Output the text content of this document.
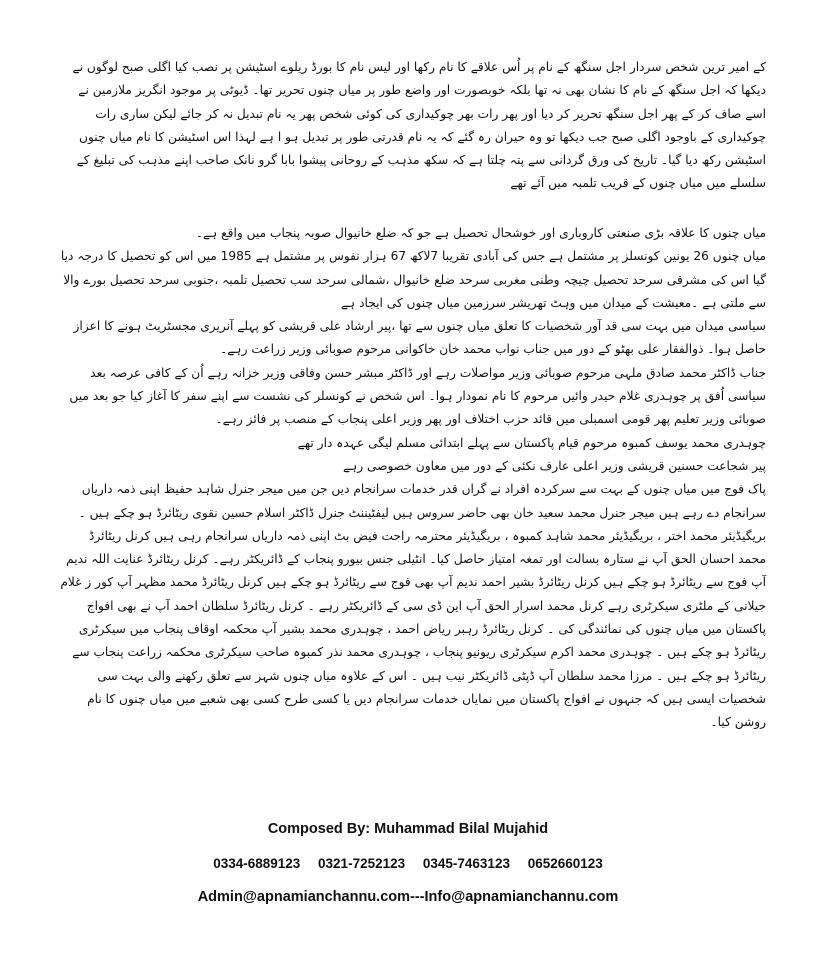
کے امیر ترین شخص سردار اجل سنگھ کے نام پر اُس علاقے کا نام رکھا اور لیس نام کا بورڈ ریلوے اسٹیشن پر نصب کیا اگلی صبح لوگوں نے دیکھا کہ اجل سنگھ کے نام کا نشان بھی نہ تھا بلکہ خوبصورت اور واضع طور پر میاں چنوں تحریر تھا۔ ڈیوٹی پر موجود انگریز ملازمین نے اسے صاف کر کے پھر اجل سنگھ تحریر کر دیا اور پھر رات بھر چوکیداری کی کوئی شخص پھر یہ نام تبدیل نہ کر جائے لیکن ساری رات چوکیداری کے باوجود اگلی صبح جب دیکھا تو وہ حیران رہ گئے کہ یہ نام قدرتی طور پر تبدیل ہو ا ہے لہذا اس اسٹیشن کا نام میاں چنوں اسٹیشن رکھ دیا گیا۔ تاریخ کی ورق گردانی سے پتہ چلتا ہے کہ سکھ مذہب کے روحانی پیشوا بابا گرو نانک صاحب اپنے مذہب کی تبلیغ کے سلسلے میں میاں چنوں کے قریب تلمبہ میں آئے تھے

میاں چنوں کا علاقہ بڑی صنعتی کاروباری اور خوشحال تحصیل ہے جو کہ ضلع خانیوال صوبہ پنجاب میں واقع ہے۔

میاں چنوں 26 یونین کونسلز پر مشتمل ہے جس کی آبادی تقریبا 7لاکھ 67 ہزار نفوس پر مشتمل ہے 1985 میں اس کو تحصیل کا درجہ دیا گیا اس کی مشرقی سرحد تحصیل چیچہ وطنی مغربی سرحد ضلع خانیوال ،شمالی سرحد سب تحصیل تلمبہ ،جنوبی سرحد تحصیل بورے والا سے ملتی ہے ۔معیشت کے میدان میں وہٹ تھریشر سرزمین میاں چنوں کی ایجاد ہے

سیاسی میدان میں بہت سی قد آور شخصیات کا تعلق میاں چنوں سے تھا ،پیر ارشاد علی قریشی کو پہلے آنریری مجسٹریٹ ہونے کا اعزاز حاصل ہوا۔ ذوالفقار علی بھٹو کے دور میں جناب نواب محمد خان خاکوانی مرحوم صوبائی وزیر زراعت رہے۔

جناب ڈاکٹر محمد صادق ملہی مرحوم صوبائی وزیر مواصلات رہے اور ڈاکٹر مبشر حسن وفاقی وزیر خزانہ رہے اُن کے کافی عرصہ بعد سیاسی اُفق پر چوہدری غلام حیدر وائیں مرحوم کا نام نمودار ہوا۔ اس شخص نے کونسلر کی نشست سے اپنے سفر کا آغاز کیا جو بعد میں صوبائی وزیر تعلیم پھر قومی اسمبلی میں قائد حزب اختلاف اور پھر وزیر اعلی پنجاب کے منصب پر فائز رہے۔

چوہدری محمد یوسف کمبوہ مرحوم قیام پاکستان سے پہلے ابتدائی مسلم لیگی عہدہ دار تھے

پیر شجاعت حسنین قریشی وزیر اعلی عارف نکئی کے دور میں معاون خصوصی رہے

پاک فوج میں میاں چنوں کے بہت سے سرکردہ افراد نے گراں قدر خدمات سرانجام دیں جن میں میجر جنرل شاہد حفیظ اپنی ذمہ داریاں سرانجام دے رہے ہیں میجر جنرل محمد سعید خان بھی حاضر سروس ہیں لیفٹیننٹ جنرل ڈاکٹر اسلام حسین نقوی ریٹائرڈ ہو چکے ہیں ۔ بریگیڈیئر محمد اختر ، بریگیڈیئر محمد شاہد کمبوہ ، بریگیڈیئر محترمہ راحت فیض بٹ اپنی ذمہ داریاں سرانجام رہی ہیں کرنل ریٹائرڈ محمد احسان الحق آپ نے ستارہ بسالت اور تمغہ امتیاز حاصل کیا۔ انٹیلی جنس بیورو پنجاب کے ڈائریکٹر رہے۔ کرنل ریٹائرڈ عنایت اللہ ندیم آپ فوج سے ریٹائرڈ ہو چکے ہیں کرنل ریٹائرڈ بشیر احمد ندیم آپ بھی فوج سے ریٹائرڈ ہو چکے ہیں کرنل ریٹائرڈ محمد مظہر آپ کور ز غلام جیلانی کے ملٹری سیکرٹری رہے کرنل محمد اسرار الحق آپ این ڈی سی کے ڈائریکٹر رہے ۔ کرنل ریٹائرڈ سلطان احمد آپ نے بھی افواج پاکستان میں میاں چنوں کی نمائندگی کی ۔ کرنل ریٹائرڈ رہبر ریاض احمد ، چوہدری محمد بشیر آپ محکمہ اوقاف پنجاب میں سیکرٹری ریٹائرڈ ہو چکے ہیں ۔ چوہدری محمد اکرم سیکرٹری ریونیو پنجاب ، چوہدری محمد نذر کمبوہ صاحب سیکرٹری محکمہ زراعت پنجاب سے ریٹائرڈ ہو چکے ہیں ۔ مرزا محمد سلطان آپ ڈپٹی ڈائریکٹر نیب ہیں ۔ اس کے علاوہ میاں چنوں شہر سے تعلق رکھنے والی بہت سی شخصیات ایسی ہیں کہ جنہوں نے افواج پاکستان میں نمایاں خدمات سرانجام دیں یا کسی طرح کسی بھی شعبے میں میاں چنوں کا نام روشن کیا۔

Composed By: Muhammad Bilal Mujahid
0334-6889123 0321-7252123 0345-7463123 0652660123
Admin@apnamianchannu.com---Info@apnamianchannu.com
